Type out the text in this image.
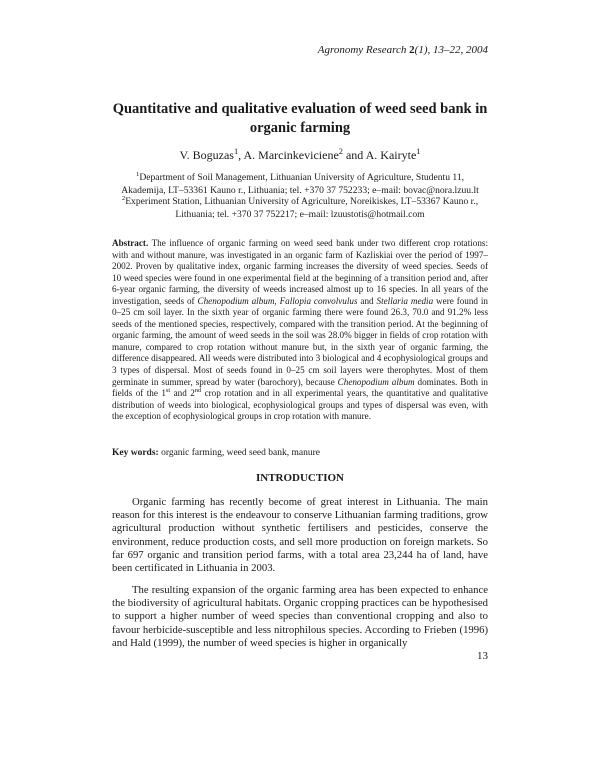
Agronomy Research 2(1), 13–22, 2004
Quantitative and qualitative evaluation of weed seed bank in organic farming
V. Boguzas$^1$, A. Marcinkeviciene$^2$ and A. Kairyte$^1$
$^1$Department of Soil Management, Lithuanian University of Agriculture, Studentu 11, Akademija, LT–53361 Kauno r., Lithuania; tel. +370 37 752233; e–mail: bovac@nora.lzuu.lt
$^2$Experiment Station, Lithuanian University of Agriculture, Noreikiskes, LT–53367 Kauno r., Lithuania; tel. +370 37 752217; e–mail: lzuustotis@hotmail.com
Abstract. The influence of organic farming on weed seed bank under two different crop rotations: with and without manure, was investigated in an organic farm of Kazliskiai over the period of 1997–2002. Proven by qualitative index, organic farming increases the diversity of weed species. Seeds of 10 weed species were found in one experimental field at the beginning of a transition period and, after 6-year organic farming, the diversity of weeds increased almost up to 16 species. In all years of the investigation, seeds of Chenopodium album, Fallopia convolvulus and Stellaria media were found in 0–25 cm soil layer. In the sixth year of organic farming there were found 26.3, 70.0 and 91.2% less seeds of the mentioned species, respectively, compared with the transition period. At the beginning of organic farming, the amount of weed seeds in the soil was 28.0% bigger in fields of crop rotation with manure, compared to crop rotation without manure but, in the sixth year of organic farming, the difference disappeared. All weeds were distributed into 3 biological and 4 ecophysiological groups and 3 types of dispersal. Most of seeds found in 0–25 cm soil layers were therophytes. Most of them germinate in summer, spread by water (barochory), because Chenopodium album dominates. Both in fields of the 1st and 2nd crop rotation and in all experimental years, the quantitative and qualitative distribution of weeds into biological, ecophysiological groups and types of dispersal was even, with the exception of ecophysiological groups in crop rotation with manure.
Key words: organic farming, weed seed bank, manure
INTRODUCTION
Organic farming has recently become of great interest in Lithuania. The main reason for this interest is the endeavour to conserve Lithuanian farming traditions, grow agricultural production without synthetic fertilisers and pesticides, conserve the environment, reduce production costs, and sell more production on foreign markets. So far 697 organic and transition period farms, with a total area 23,244 ha of land, have been certificated in Lithuania in 2003.
The resulting expansion of the organic farming area has been expected to enhance the biodiversity of agricultural habitats. Organic cropping practices can be hypothesised to support a higher number of weed species than conventional cropping and also to favour herbicide-susceptible and less nitrophilous species. According to Frieben (1996) and Hald (1999), the number of weed species is higher in organically
13
